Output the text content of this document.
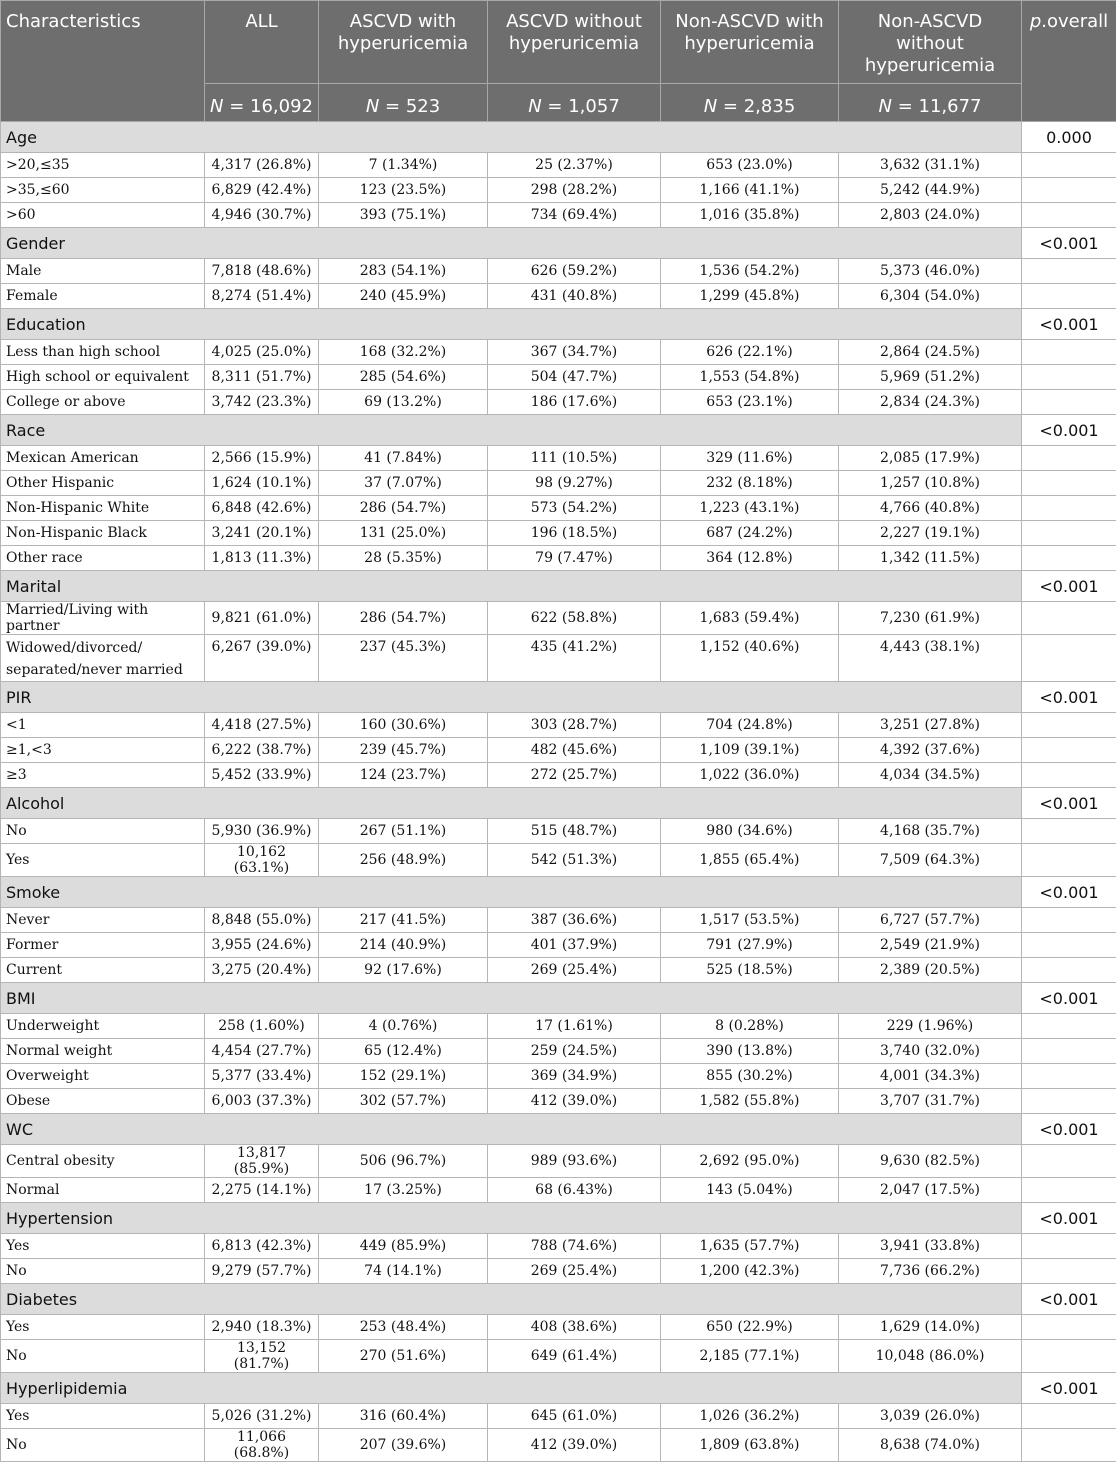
Characteristics	ALL	ASCVD with hyperuricemia	ASCVD without hyperuricemia	Non-ASCVD with hyperuricemia	Non-ASCVD without hyperuricemia	p.overall
	N = 16,092	N = 523	N = 1,057	N = 2,835	N = 11,677	
Age						0.000
>20,≤35	4,317 (26.8%)	7 (1.34%)	25 (2.37%)	653 (23.0%)	3,632 (31.1%)	
>35,≤60	6,829 (42.4%)	123 (23.5%)	298 (28.2%)	1,166 (41.1%)	5,242 (44.9%)	
>60	4,946 (30.7%)	393 (75.1%)	734 (69.4%)	1,016 (35.8%)	2,803 (24.0%)	
Gender						<0.001
Male	7,818 (48.6%)	283 (54.1%)	626 (59.2%)	1,536 (54.2%)	5,373 (46.0%)	
Female	8,274 (51.4%)	240 (45.9%)	431 (40.8%)	1,299 (45.8%)	6,304 (54.0%)	
Education						<0.001
Less than high school	4,025 (25.0%)	168 (32.2%)	367 (34.7%)	626 (22.1%)	2,864 (24.5%)	
High school or equivalent	8,311 (51.7%)	285 (54.6%)	504 (47.7%)	1,553 (54.8%)	5,969 (51.2%)	
College or above	3,742 (23.3%)	69 (13.2%)	186 (17.6%)	653 (23.1%)	2,834 (24.3%)	
Race						<0.001
Mexican American	2,566 (15.9%)	41 (7.84%)	111 (10.5%)	329 (11.6%)	2,085 (17.9%)	
Other Hispanic	1,624 (10.1%)	37 (7.07%)	98 (9.27%)	232 (8.18%)	1,257 (10.8%)	
Non-Hispanic White	6,848 (42.6%)	286 (54.7%)	573 (54.2%)	1,223 (43.1%)	4,766 (40.8%)	
Non-Hispanic Black	3,241 (20.1%)	131 (25.0%)	196 (18.5%)	687 (24.2%)	2,227 (19.1%)	
Other race	1,813 (11.3%)	28 (5.35%)	79 (7.47%)	364 (12.8%)	1,342 (11.5%)	
Marital						<0.001
Married/Living with partner	9,821 (61.0%)	286 (54.7%)	622 (58.8%)	1,683 (59.4%)	7,230 (61.9%)	
Widowed/divorced/ separated/never married	6,267 (39.0%)	237 (45.3%)	435 (41.2%)	1,152 (40.6%)	4,443 (38.1%)	
PIR						<0.001
<1	4,418 (27.5%)	160 (30.6%)	303 (28.7%)	704 (24.8%)	3,251 (27.8%)	
≥1,<3	6,222 (38.7%)	239 (45.7%)	482 (45.6%)	1,109 (39.1%)	4,392 (37.6%)	
≥3	5,452 (33.9%)	124 (23.7%)	272 (25.7%)	1,022 (36.0%)	4,034 (34.5%)	
Alcohol						<0.001
No	5,930 (36.9%)	267 (51.1%)	515 (48.7%)	980 (34.6%)	4,168 (35.7%)	
Yes	10,162 (63.1%)	256 (48.9%)	542 (51.3%)	1,855 (65.4%)	7,509 (64.3%)	
Smoke						<0.001
Never	8,848 (55.0%)	217 (41.5%)	387 (36.6%)	1,517 (53.5%)	6,727 (57.7%)	
Former	3,955 (24.6%)	214 (40.9%)	401 (37.9%)	791 (27.9%)	2,549 (21.9%)	
Current	3,275 (20.4%)	92 (17.6%)	269 (25.4%)	525 (18.5%)	2,389 (20.5%)	
BMI						<0.001
Underweight	258 (1.60%)	4 (0.76%)	17 (1.61%)	8 (0.28%)	229 (1.96%)	
Normal weight	4,454 (27.7%)	65 (12.4%)	259 (24.5%)	390 (13.8%)	3,740 (32.0%)	
Overweight	5,377 (33.4%)	152 (29.1%)	369 (34.9%)	855 (30.2%)	4,001 (34.3%)	
Obese	6,003 (37.3%)	302 (57.7%)	412 (39.0%)	1,582 (55.8%)	3,707 (31.7%)	
WC						<0.001
Central obesity	13,817 (85.9%)	506 (96.7%)	989 (93.6%)	2,692 (95.0%)	9,630 (82.5%)	
Normal	2,275 (14.1%)	17 (3.25%)	68 (6.43%)	143 (5.04%)	2,047 (17.5%)	
Hypertension						<0.001
Yes	6,813 (42.3%)	449 (85.9%)	788 (74.6%)	1,635 (57.7%)	3,941 (33.8%)	
No	9,279 (57.7%)	74 (14.1%)	269 (25.4%)	1,200 (42.3%)	7,736 (66.2%)	
Diabetes						<0.001
Yes	2,940 (18.3%)	253 (48.4%)	408 (38.6%)	650 (22.9%)	1,629 (14.0%)	
No	13,152 (81.7%)	270 (51.6%)	649 (61.4%)	2,185 (77.1%)	10,048 (86.0%)	
Hyperlipidemia						<0.001
Yes	5,026 (31.2%)	316 (60.4%)	645 (61.0%)	1,026 (36.2%)	3,039 (26.0%)	
No	11,066 (68.8%)	207 (39.6%)	412 (39.0%)	1,809 (63.8%)	8,638 (74.0%)	
